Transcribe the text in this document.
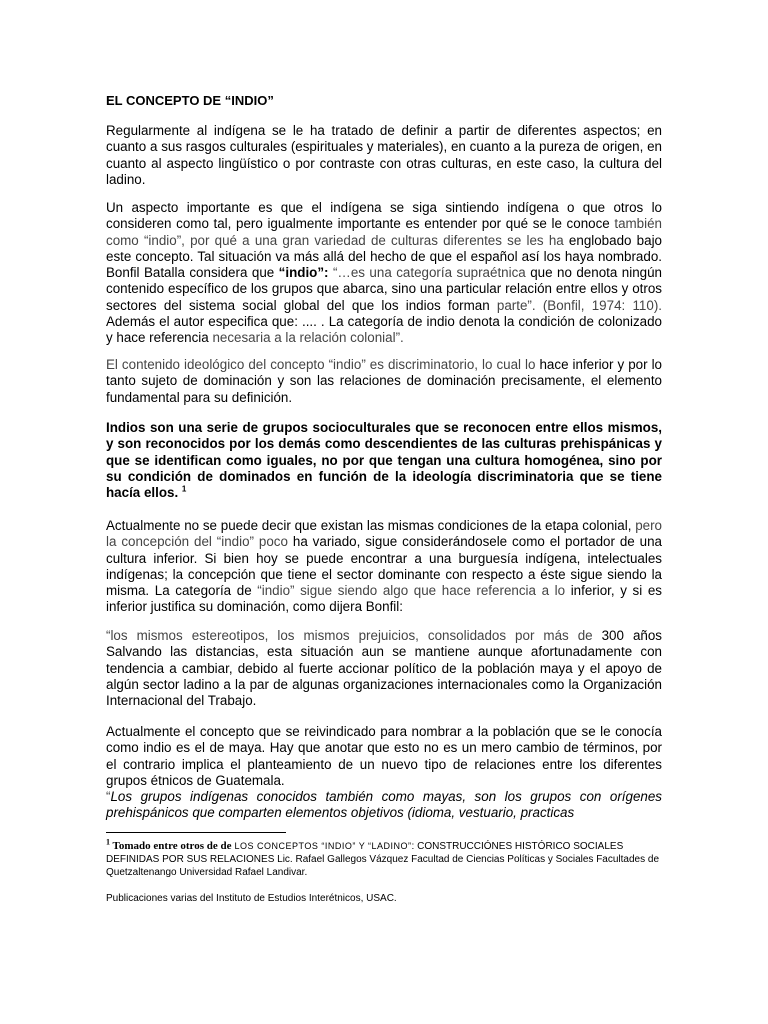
EL CONCEPTO DE “INDIO”

Regularmente al indígena se le ha tratado de definir a partir de diferentes aspectos; en cuanto a sus rasgos culturales (espirituales y materiales), en cuanto a la pureza de origen, en cuanto al aspecto lingüístico o por contraste con otras culturas, en este caso, la cultura del ladino.

Un aspecto importante es que el indígena se siga sintiendo indígena o que otros lo consideren como tal, pero igualmente importante es entender por qué se le conoce también como “indio”, por qué a una gran variedad de culturas diferentes se les ha englobado bajo este concepto. Tal situación va más allá del hecho de que el español así los haya nombrado. Bonfil Batalla considera que “indio”: “…es una categoría supraétnica que no denota ningún contenido específico de los grupos que abarca, sino una particular relación entre ellos y otros sectores del sistema social global del que los indios forman parte”. (Bonfil, 1974: 110). Además el autor especifica que: .... . La categoría de indio denota la condición de colonizado y hace referencia necesaria a la relación colonial”.

El contenido ideológico del concepto “indio” es discriminatorio, lo cual lo hace inferior y por lo tanto sujeto de dominación y son las relaciones de dominación precisamente, el elemento fundamental para su definición.

Indios son una serie de grupos socioculturales que se reconocen entre ellos mismos, y son reconocidos por los demás como descendientes de las culturas prehispánicas y que se identifican como iguales, no por que tengan una cultura homogénea, sino por su condición de dominados en función de la ideología discriminatoria que se tiene hacía ellos. $^1$

Actualmente no se puede decir que existan las mismas condiciones de la etapa colonial, pero la concepción del “indio” poco ha variado, sigue considerándosele como el portador de una cultura inferior. Si bien hoy se puede encontrar a una burguesía indígena, intelectuales indígenas; la concepción que tiene el sector dominante con respecto a éste sigue siendo la misma. La categoría de “indio” sigue siendo algo que hace referencia a lo inferior, y si es inferior justifica su dominación, como dijera Bonfil:

“los mismos estereotipos, los mismos prejuicios, consolidados por más de 300 años Salvando las distancias, esta situación aun se mantiene aunque afortunadamente con tendencia a cambiar, debido al fuerte accionar político de la población maya y el apoyo de algún sector ladino a la par de algunas organizaciones internacionales como la Organización Internacional del Trabajo.

Actualmente el concepto que se reivindicado para nombrar a la población que se le conocía como indio es el de maya. Hay que anotar que esto no es un mero cambio de términos, por el contrario implica el planteamiento de un nuevo tipo de relaciones entre los diferentes grupos étnicos de Guatemala.
“Los grupos indígenas conocidos también como mayas, son los grupos con orígenes prehispánicos que comparten elementos objetivos (idioma, vestuario, practicas

$^1$ Tomado entre otros de de LOS CONCEPTOS “INDIO” Y “LADINO”: CONSTRUCCIÓNES HISTÓRICO SOCIALES DEFINIDAS POR SUS RELACIONES Lic. Rafael Gallegos Vázquez Facultad de Ciencias Políticas y Sociales Facultades de Quetzaltenango Universidad Rafael Landivar.

Publicaciones varias del Instituto de Estudios Interétnicos, USAC.
